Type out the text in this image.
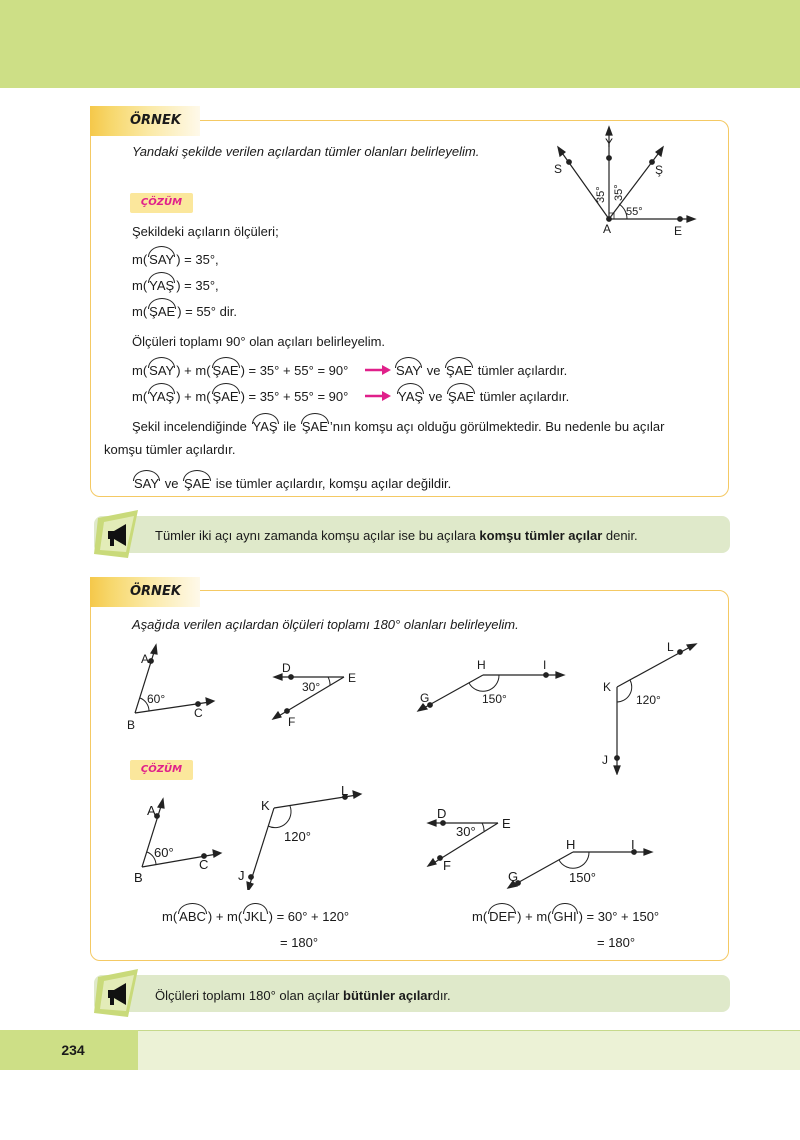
ÖRNEK
Yandaki şekilde verilen açılardan tümler olanları belirleyelim.
ÇÖZÜM
Şekildeki açıların ölçüleri;
m( SAY ) = 35°,
m( YAŞ ) = 35°,
m( ŞAE ) = 55° dir.
Ölçüleri toplamı 90° olan açıları belirleyelim.
m( SAY ) + m( ŞAE ) = 35° + 55° = 90°	SAY ve ŞAE tümler açılardır.
m( YAŞ ) + m( ŞAE ) = 35° + 55° = 90°	YAŞ ve ŞAE tümler açılardır.
Şekil incelendiğinde YAŞ ile ŞAE ’nın komşu açı olduğu görülmektedir. Bu nedenle bu açılar
komşu tümler açılardır.
SAY ve ŞAE ise tümler açılardır, komşu açılar değildir.
Y
S	Ş
A	E
35° 35°
55°
Tümler iki açı aynı zamanda komşu açılar ise bu açılara komşu tümler açılar denir.
ÖRNEK
Aşağıda verilen açılardan ölçüleri toplamı 180° olanları belirleyelim.
A
B
C
60°
D
E
F
30°
H	I
G	150°
L
K
J
120°
ÇÖZÜM
A
B
C
60°
L
K
J
120°
D
E
F
30°
H	I
G	150°
m( ABC ) + m( JKL ) = 60° + 120°
= 180°
m( DEF ) + m( GHI ) = 30° + 150°
= 180°
Ölçüleri toplamı 180° olan açılar bütünler açılardır.
234
